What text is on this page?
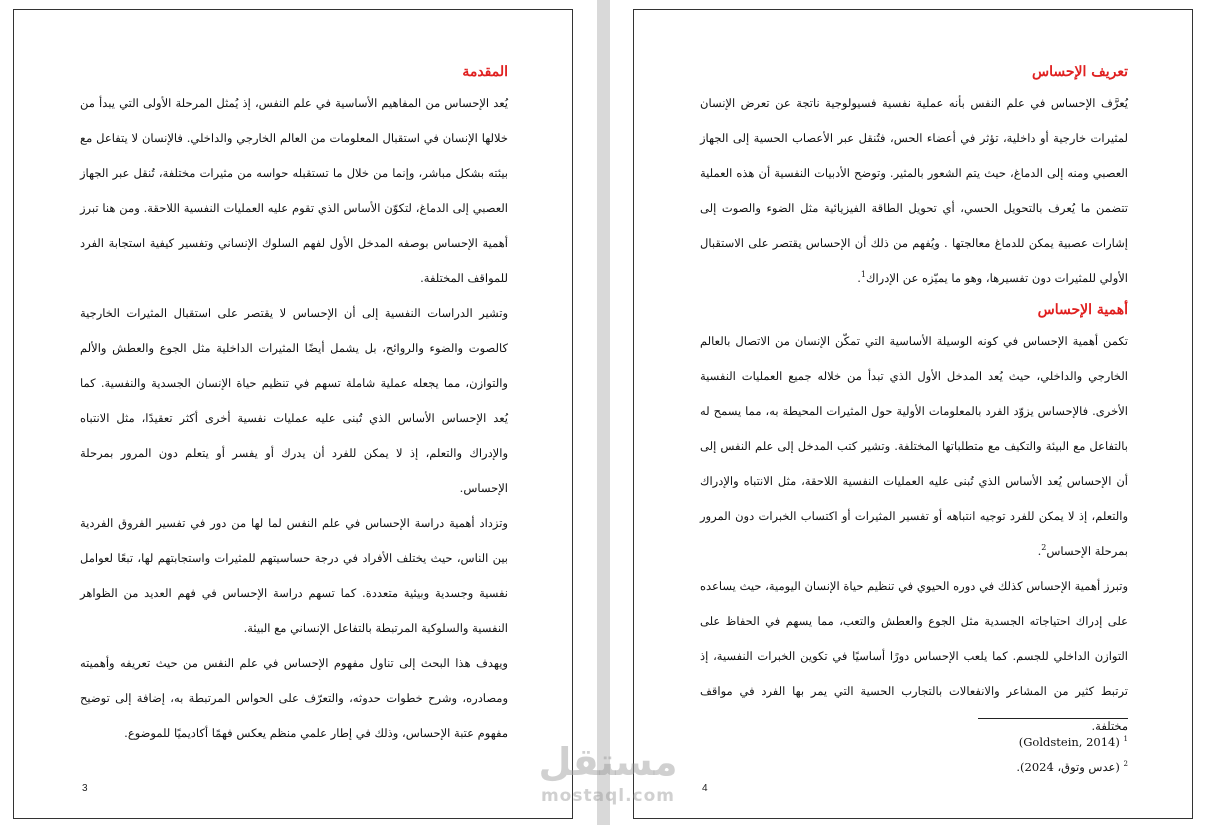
المقدمة

يُعد الإحساس من المفاهيم الأساسية في علم النفس، إذ يُمثل المرحلة الأولى التي يبدأ من خلالها الإنسان في استقبال المعلومات من العالم الخارجي والداخلي. فالإنسان لا يتفاعل مع بيئته بشكل مباشر، وإنما من خلال ما تستقبله حواسه من مثيرات مختلفة، تُنقل عبر الجهاز العصبي إلى الدماغ، لتكوّن الأساس الذي تقوم عليه العمليات النفسية اللاحقة. ومن هنا تبرز أهمية الإحساس بوصفه المدخل الأول لفهم السلوك الإنساني وتفسير كيفية استجابة الفرد للمواقف المختلفة.

وتشير الدراسات النفسية إلى أن الإحساس لا يقتصر على استقبال المثيرات الخارجية كالصوت والضوء والروائح، بل يشمل أيضًا المثيرات الداخلية مثل الجوع والعطش والألم والتوازن، مما يجعله عملية شاملة تسهم في تنظيم حياة الإنسان الجسدية والنفسية. كما يُعد الإحساس الأساس الذي تُبنى عليه عمليات نفسية أخرى أكثر تعقيدًا، مثل الانتباه والإدراك والتعلم، إذ لا يمكن للفرد أن يدرك أو يفسر أو يتعلم دون المرور بمرحلة الإحساس.

وتزداد أهمية دراسة الإحساس في علم النفس لما لها من دور في تفسير الفروق الفردية بين الناس، حيث يختلف الأفراد في درجة حساسيتهم للمثيرات واستجابتهم لها، تبعًا لعوامل نفسية وجسدية وبيئية متعددة. كما تسهم دراسة الإحساس في فهم العديد من الظواهر النفسية والسلوكية المرتبطة بالتفاعل الإنساني مع البيئة.

ويهدف هذا البحث إلى تناول مفهوم الإحساس في علم النفس من حيث تعريفه وأهميته ومصادره، وشرح خطوات حدوثه، والتعرّف على الحواس المرتبطة به، إضافة إلى توضيح مفهوم عتبة الإحساس، وذلك في إطار علمي منظم يعكس فهمًا أكاديميًا للموضوع.

3
تعريف الإحساس

يُعرَّف الإحساس في علم النفس بأنه عملية نفسية فسيولوجية ناتجة عن تعرض الإنسان لمثيرات خارجية أو داخلية، تؤثر في أعضاء الحس، فتُنقل عبر الأعصاب الحسية إلى الجهاز العصبي ومنه إلى الدماغ، حيث يتم الشعور بالمثير. وتوضح الأدبيات النفسية أن هذه العملية تتضمن ما يُعرف بالتحويل الحسي، أي تحويل الطاقة الفيزيائية مثل الضوء والصوت إلى إشارات عصبية يمكن للدماغ معالجتها . ويُفهم من ذلك أن الإحساس يقتصر على الاستقبال الأولي للمثيرات دون تفسيرها، وهو ما يميّزه عن الإدراك$^1$.

أهمية الإحساس

تكمن أهمية الإحساس في كونه الوسيلة الأساسية التي تمكّن الإنسان من الاتصال بالعالم الخارجي والداخلي، حيث يُعد المدخل الأول الذي تبدأ من خلاله جميع العمليات النفسية الأخرى. فالإحساس يزوّد الفرد بالمعلومات الأولية حول المثيرات المحيطة به، مما يسمح له بالتفاعل مع البيئة والتكيف مع متطلباتها المختلفة. وتشير كتب المدخل إلى علم النفس إلى أن الإحساس يُعد الأساس الذي تُبنى عليه العمليات النفسية اللاحقة، مثل الانتباه والإدراك والتعلم، إذ لا يمكن للفرد توجيه انتباهه أو تفسير المثيرات أو اكتساب الخبرات دون المرور بمرحلة الإحساس$^2$.

وتبرز أهمية الإحساس كذلك في دوره الحيوي في تنظيم حياة الإنسان اليومية، حيث يساعده على إدراك احتياجاته الجسدية مثل الجوع والعطش والتعب، مما يسهم في الحفاظ على التوازن الداخلي للجسم. كما يلعب الإحساس دورًا أساسيًا في تكوين الخبرات النفسية، إذ ترتبط كثير من المشاعر والانفعالات بالتجارب الحسية التي يمر بها الفرد في مواقف مختلفة.

$^1$ (Goldstein, 2014)
$^2$ (عدس وتوق، 2024).
4
مستقل
mostaql.com
